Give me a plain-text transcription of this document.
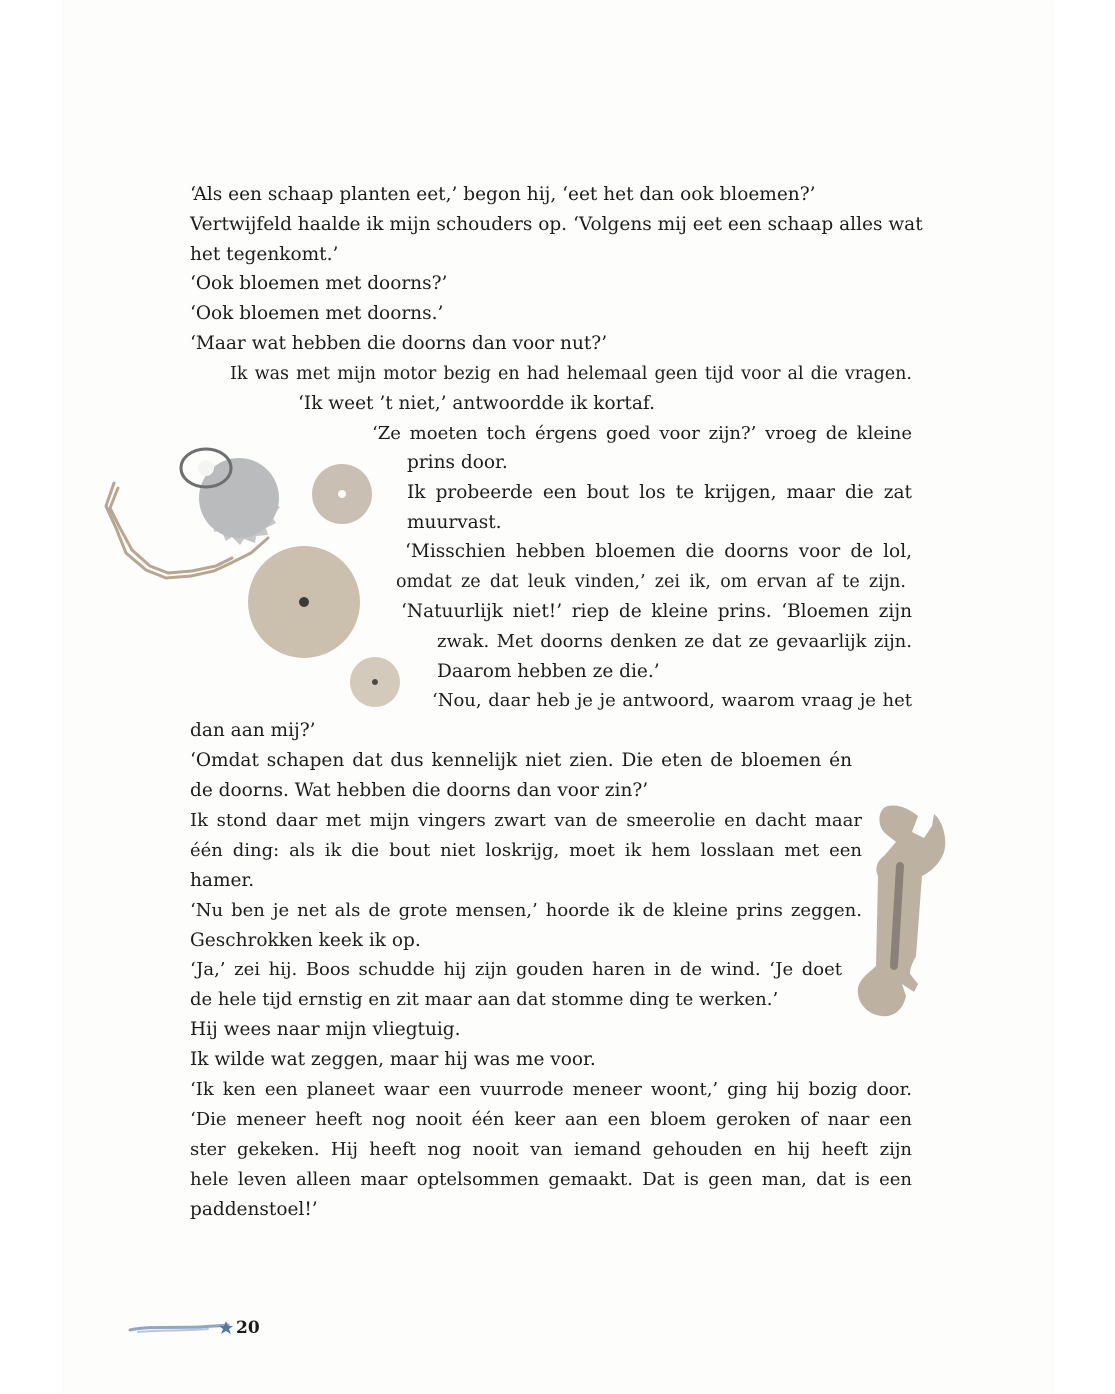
‘Als een schaap planten eet,’ begon hij, ‘eet het dan ook bloemen?’

Vertwijfeld haalde ik mijn schouders op. ‘Volgens mij eet een schaap alles wat

het tegenkomt.’

‘Ook bloemen met doorns?’

‘Ook bloemen met doorns.’

‘Maar wat hebben die doorns dan voor nut?’

Ik was met mijn motor bezig en had helemaal geen tijd voor al die vragen.

‘Ik weet ’t niet,’ antwoordde ik kortaf.

‘Ze moeten toch érgens goed voor zijn?’ vroeg de kleine

prins door.

Ik probeerde een bout los te krijgen, maar die zat

muurvast.

‘Misschien hebben bloemen die doorns voor de lol,

omdat ze dat leuk vinden,’ zei ik, om ervan af te zijn.

‘Natuurlijk niet!’ riep de kleine prins. ‘Bloemen zijn

zwak. Met doorns denken ze dat ze gevaarlijk zijn.

Daarom hebben ze die.’

‘Nou, daar heb je je antwoord, waarom vraag je het

dan aan mij?’

‘Omdat schapen dat dus kennelijk niet zien. Die eten de bloemen én

de doorns. Wat hebben die doorns dan voor zin?’

Ik stond daar met mijn vingers zwart van de smeerolie en dacht maar

één ding: als ik die bout niet loskrijg, moet ik hem losslaan met een

hamer.

‘Nu ben je net als de grote mensen,’ hoorde ik de kleine prins zeggen.

Geschrokken keek ik op.

‘Ja,’ zei hij. Boos schudde hij zijn gouden haren in de wind. ‘Je doet

de hele tijd ernstig en zit maar aan dat stomme ding te werken.’

Hij wees naar mijn vliegtuig.

Ik wilde wat zeggen, maar hij was me voor.

‘Ik ken een planeet waar een vuurrode meneer woont,’ ging hij bozig door.

‘Die meneer heeft nog nooit één keer aan een bloem geroken of naar een

ster gekeken. Hij heeft nog nooit van iemand gehouden en hij heeft zijn

hele leven alleen maar optelsommen gemaakt. Dat is geen man, dat is een

paddenstoel!’

20
